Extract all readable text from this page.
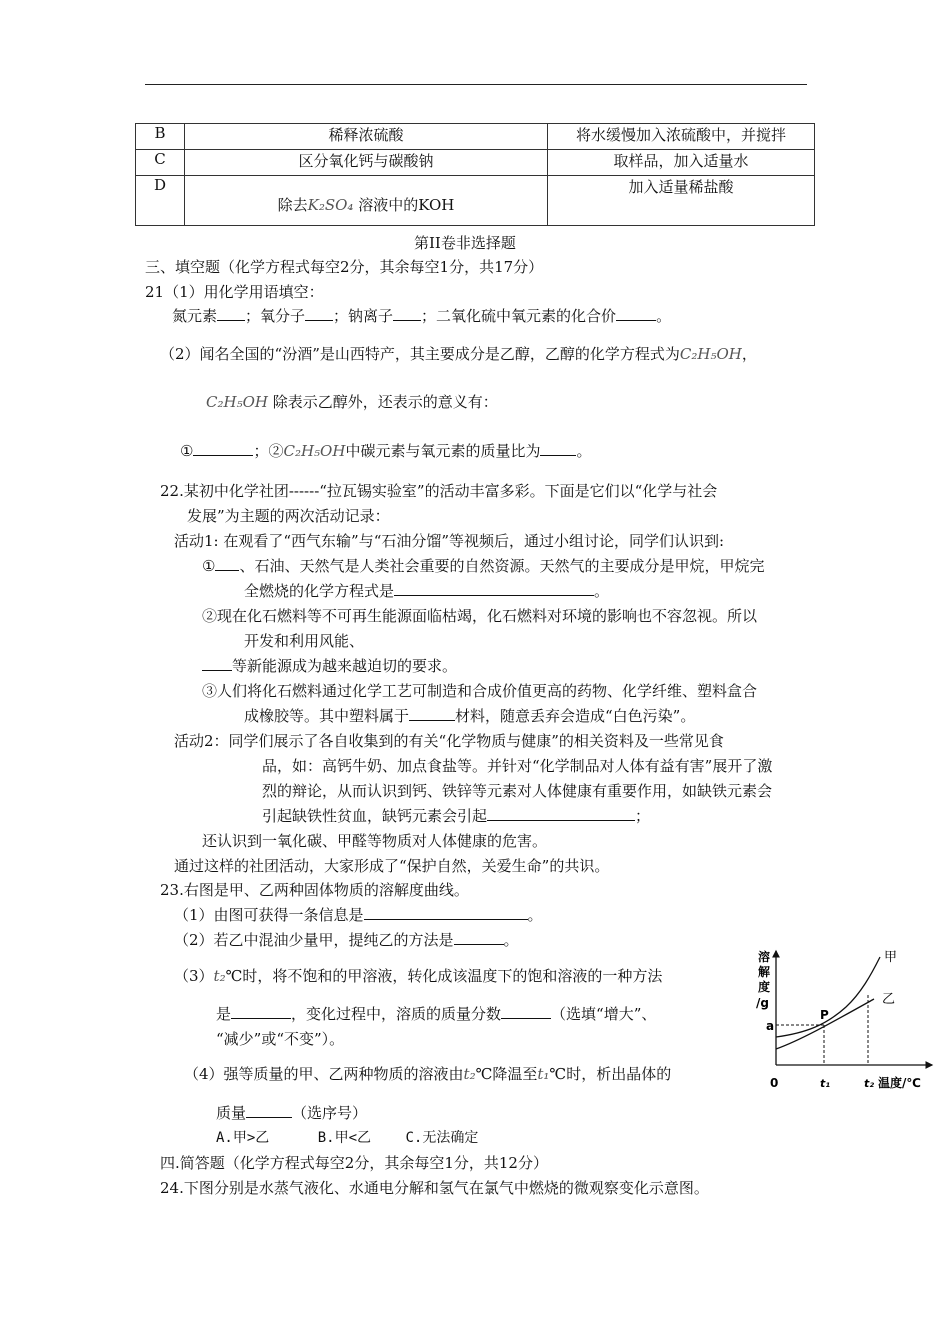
B	稀释浓硫酸	将水缓慢加入浓硫酸中，并搅拌
C	区分氧化钙与碳酸钠	取样品，加入适量水
D	除去K₂SO₄ 溶液中的KOH	加入适量稀盐酸
第II卷非选择题
三、填空题（化学方程式每空2分，其余每空1分，共17分）
21（1）用化学用语填空：
氮元素 ；氧分子 ；钠离子 ；二氧化硫中氧元素的化合价	。
（2）闻名全国的“汾酒”是山西特产，其主要成分是乙醇，乙醇的化学方程式为C₂H₅OH，
C₂H₅OH 除表示乙醇外，还表示的意义有：
①	；②C₂H₅OH中碳元素与氧元素的质量比为 。
22.某初中化学社团------“拉瓦锡实验室”的活动丰富多彩。下面是它们以“化学与社会
发展”为主题的两次活动记录：
活动1: 在观看了“西气东输”与“石油分馏”等视频后，通过小组讨论，同学们认识到:
① 、石油、天然气是人类社会重要的自然资源。天然气的主要成分是甲烷，甲烷完
全燃烧的化学方程式是	。
②现在化石燃料等不可再生能源面临枯竭，化石燃料对环境的影响也不容忽视。所以
开发和利用风能、
等新能源成为越来越迫切的要求。
③人们将化石燃料通过化学工艺可制造和合成价值更高的药物、化学纤维、塑料盒合
成橡胶等。其中塑料属于	材料，随意丢弃会造成“白色污染”。
活动2：同学们展示了各自收集到的有关“化学物质与健康”的相关资料及一些常见食
品，如：高钙牛奶、加点食盐等。并针对“化学制品对人体有益有害”展开了激
烈的辩论，从而认识到钙、铁锌等元素对人体健康有重要作用，如缺铁元素会
引起缺铁性贫血，缺钙元素会引起	；
还认识到一氧化碳、甲醛等物质对人体健康的危害。
通过这样的社团活动，大家形成了“保护自然，关爱生命”的共识。
23.右图是甲、乙两种固体物质的溶解度曲线。
（1）由图可获得一条信息是	。
（2）若乙中混油少量甲，提纯乙的方法是	。
（3）t₂℃时，将不饱和的甲溶液，转化成该温度下的饱和溶液的一种方法
是	，变化过程中，溶质的质量分数	（选填“增大”、
“减少”或“不变”）。
（4）强等质量的甲、乙两种物质的溶液由t₂℃降温至t₁℃时，析出晶体的
质量	（选序号）
A.甲>乙	B.甲<乙 C.无法确定
四.简答题（化学方程式每空2分，其余每空1分，共12分）
24.下图分别是水蒸气液化、水通电分解和氢气在氯气中燃烧的微观察变化示意图。
溶
解
度
/g
a
0	t₁	t₂ 温度/℃
P
甲
乙
